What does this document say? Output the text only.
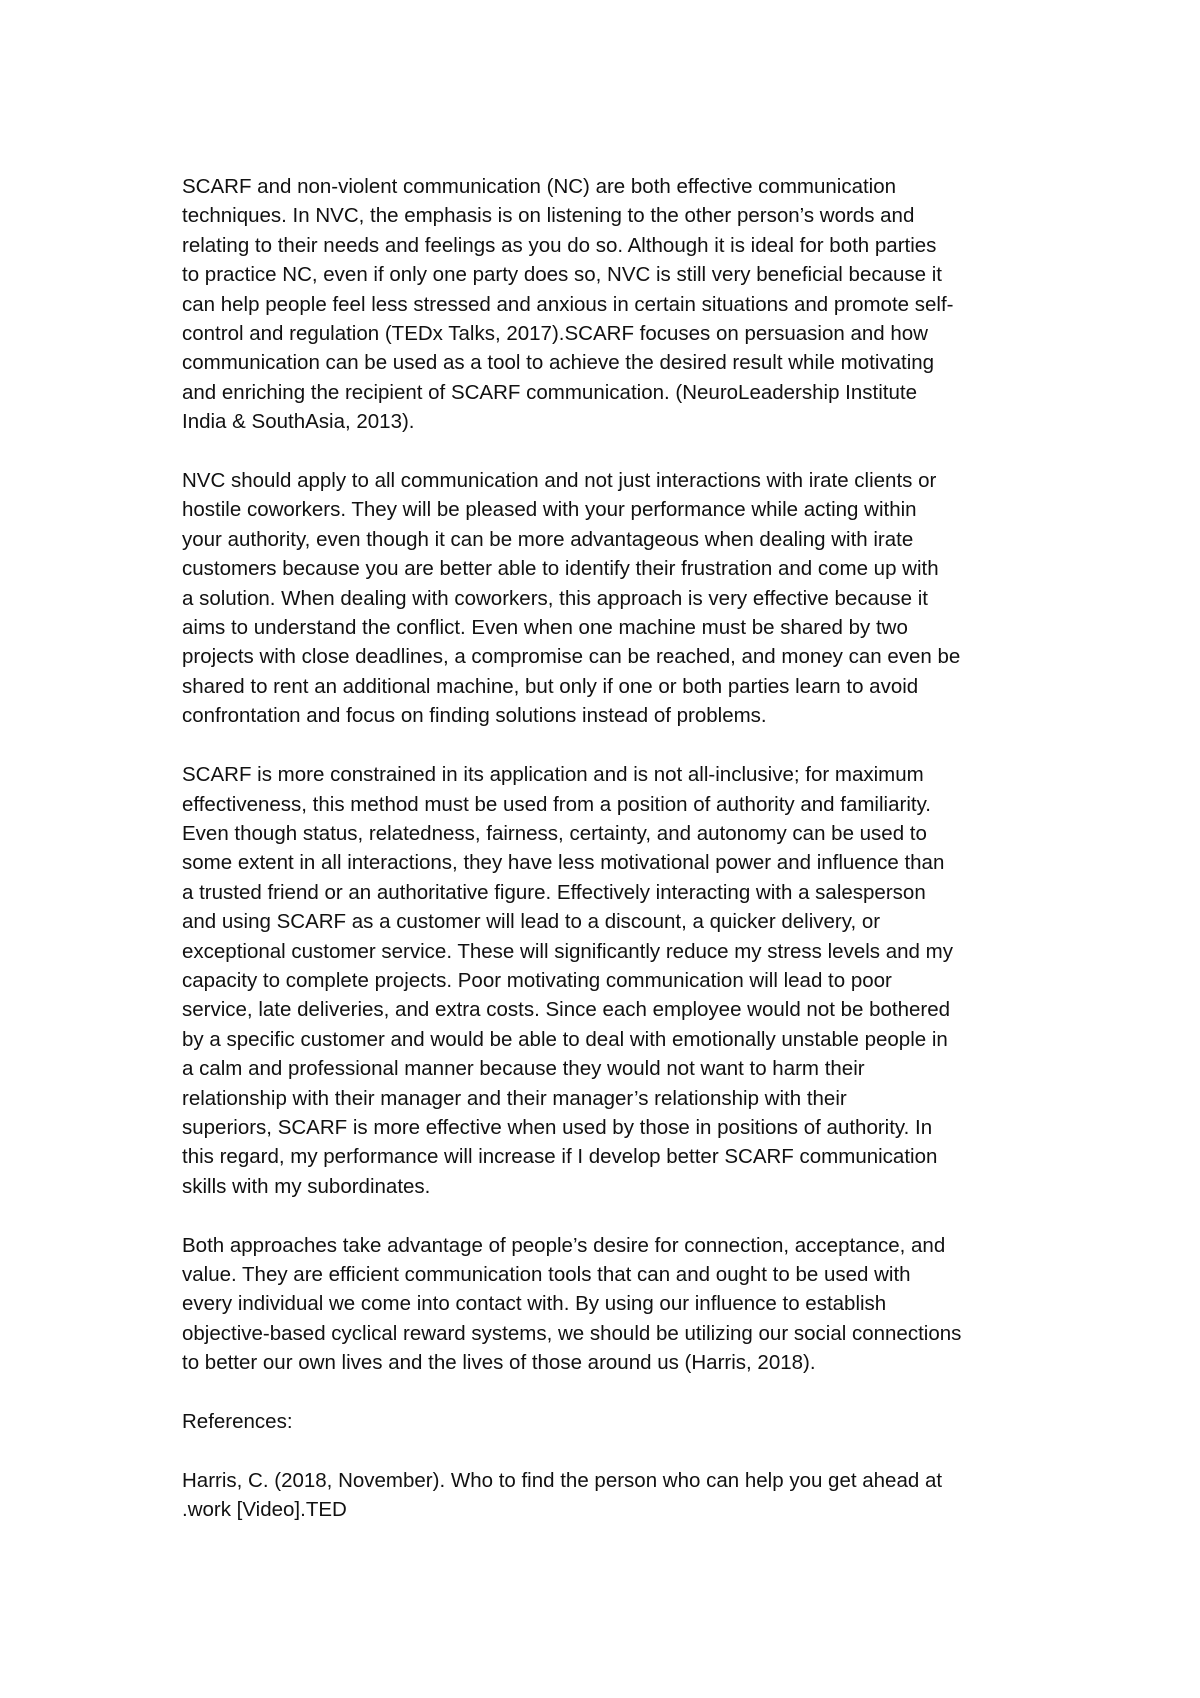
SCARF and non-violent communication (NC) are both effective communication
techniques. In NVC, the emphasis is on listening to the other person’s words and
relating to their needs and feelings as you do so. Although it is ideal for both parties
to practice NC, even if only one party does so, NVC is still very beneficial because it
can help people feel less stressed and anxious in certain situations and promote self-
control and regulation (TEDx Talks, 2017).SCARF focuses on persuasion and how
communication can be used as a tool to achieve the desired result while motivating
and enriching the recipient of SCARF communication. (NeuroLeadership Institute
India & SouthAsia, 2013).

NVC should apply to all communication and not just interactions with irate clients or
hostile coworkers. They will be pleased with your performance while acting within
your authority, even though it can be more advantageous when dealing with irate
customers because you are better able to identify their frustration and come up with
a solution. When dealing with coworkers, this approach is very effective because it
aims to understand the conflict. Even when one machine must be shared by two
projects with close deadlines, a compromise can be reached, and money can even be
shared to rent an additional machine, but only if one or both parties learn to avoid
confrontation and focus on finding solutions instead of problems.

SCARF is more constrained in its application and is not all-inclusive; for maximum
effectiveness, this method must be used from a position of authority and familiarity.
Even though status, relatedness, fairness, certainty, and autonomy can be used to
some extent in all interactions, they have less motivational power and influence than
a trusted friend or an authoritative figure. Effectively interacting with a salesperson
and using SCARF as a customer will lead to a discount, a quicker delivery, or
exceptional customer service. These will significantly reduce my stress levels and my
capacity to complete projects. Poor motivating communication will lead to poor
service, late deliveries, and extra costs. Since each employee would not be bothered
by a specific customer and would be able to deal with emotionally unstable people in
a calm and professional manner because they would not want to harm their
relationship with their manager and their manager’s relationship with their
superiors, SCARF is more effective when used by those in positions of authority. In
this regard, my performance will increase if I develop better SCARF communication
skills with my subordinates.

Both approaches take advantage of people’s desire for connection, acceptance, and
value. They are efficient communication tools that can and ought to be used with
every individual we come into contact with. By using our influence to establish
objective-based cyclical reward systems, we should be utilizing our social connections
to better our own lives and the lives of those around us (Harris, 2018).

References:

Harris, C. (2018, November). Who to find the person who can help you get ahead at
.work [Video].TED
